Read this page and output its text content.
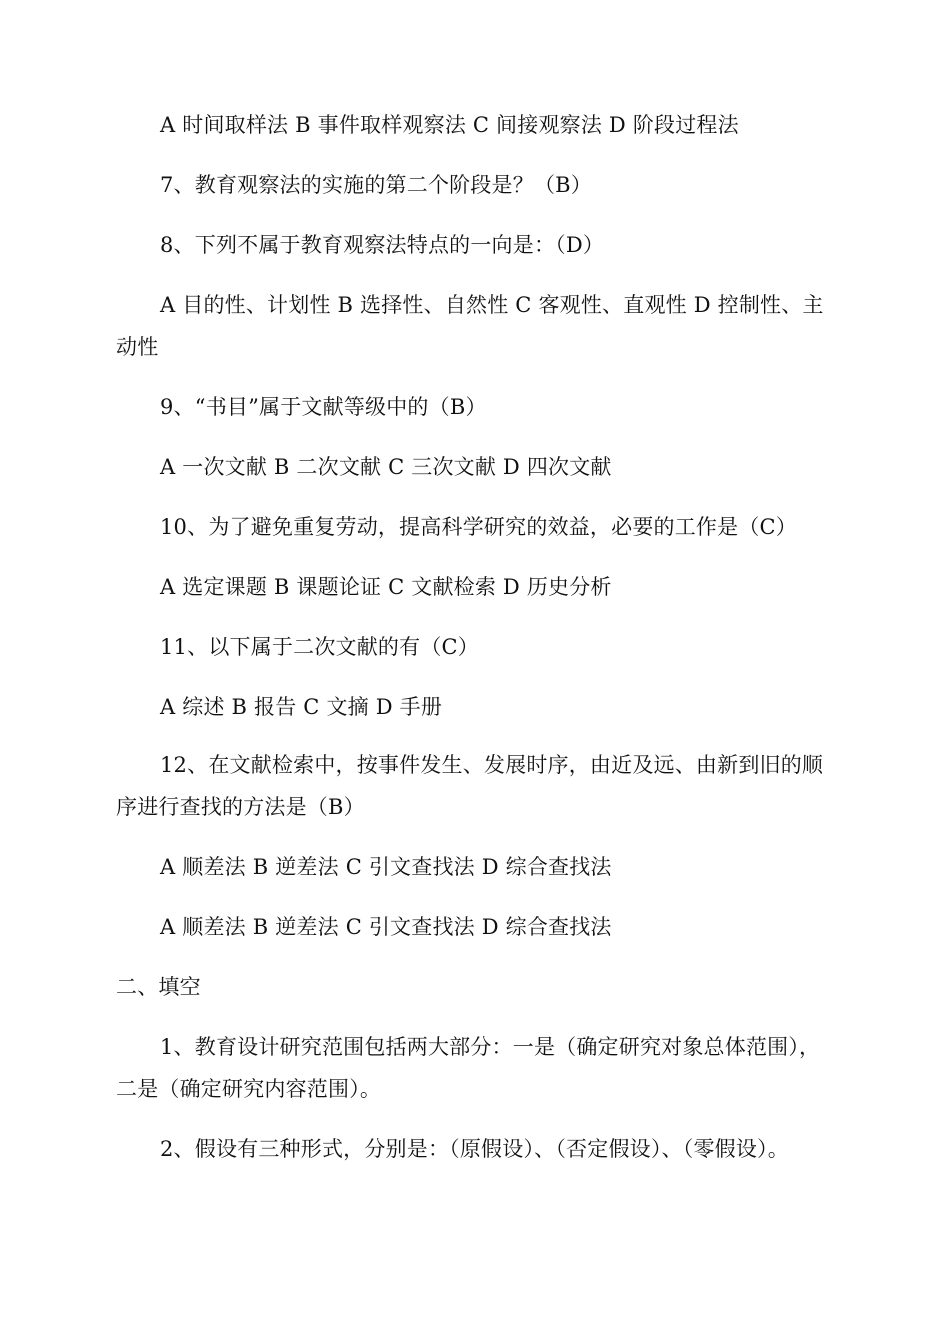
A 时间取样法 B 事件取样观察法 C 间接观察法 D 阶段过程法

7、教育观察法的实施的第二个阶段是？（B）

8、下列不属于教育观察法特点的一向是：（D）

A 目的性、计划性 B 选择性、自然性 C 客观性、直观性 D 控制性、主动性

9、“书目”属于文献等级中的（B）

A 一次文献 B 二次文献 C 三次文献 D 四次文献

10、为了避免重复劳动，提高科学研究的效益，必要的工作是（C）

A 选定课题 B 课题论证 C 文献检索 D 历史分析

11、以下属于二次文献的有（C）

A 综述 B 报告 C 文摘 D 手册

12、在文献检索中，按事件发生、发展时序，由近及远、由新到旧的顺序进行查找的方法是（B）

A 顺差法 B 逆差法 C 引文查找法 D 综合查找法

A 顺差法 B 逆差法 C 引文查找法 D 综合查找法

二、填空

1、教育设计研究范围包括两大部分：一是（确定研究对象总体范围），二是（确定研究内容范围）。

2、假设有三种形式，分别是：（原假设）、（否定假设）、（零假设）。
